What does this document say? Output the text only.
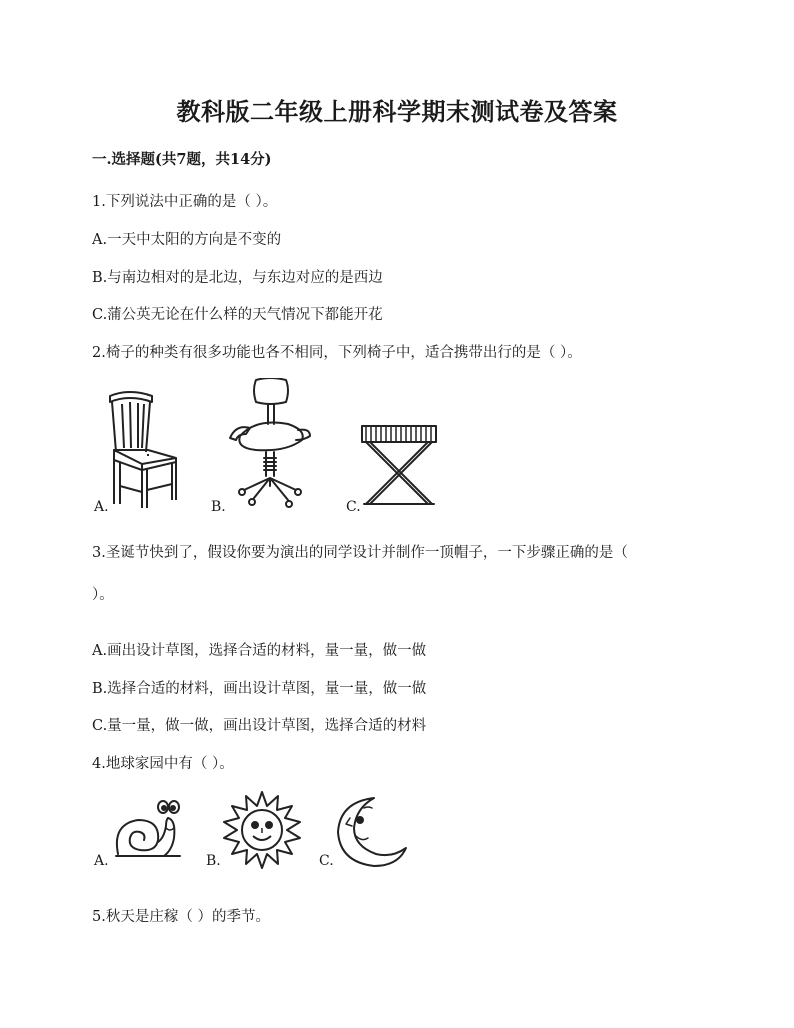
教科版二年级上册科学期末测试卷及答案
一.选择题(共7题，共14分)
1.下列说法中正确的是（ ）。
A.一天中太阳的方向是不变的
B.与南边相对的是北边，与东边对应的是西边
C.蒲公英无论在什么样的天气情况下都能开花
2.椅子的种类有很多功能也各不相同，下列椅子中，适合携带出行的是（ ）。
A.	B.	C.
3.圣诞节快到了，假设你要为演出的同学设计并制作一顶帽子，一下步骤正确的是（
）。
A.画出设计草图，选择合适的材料，量一量，做一做
B.选择合适的材料，画出设计草图，量一量，做一做
C.量一量，做一做，画出设计草图，选择合适的材料
4.地球家园中有（ ）。
A.	B.	C.
5.秋天是庄稼（ ）的季节。
